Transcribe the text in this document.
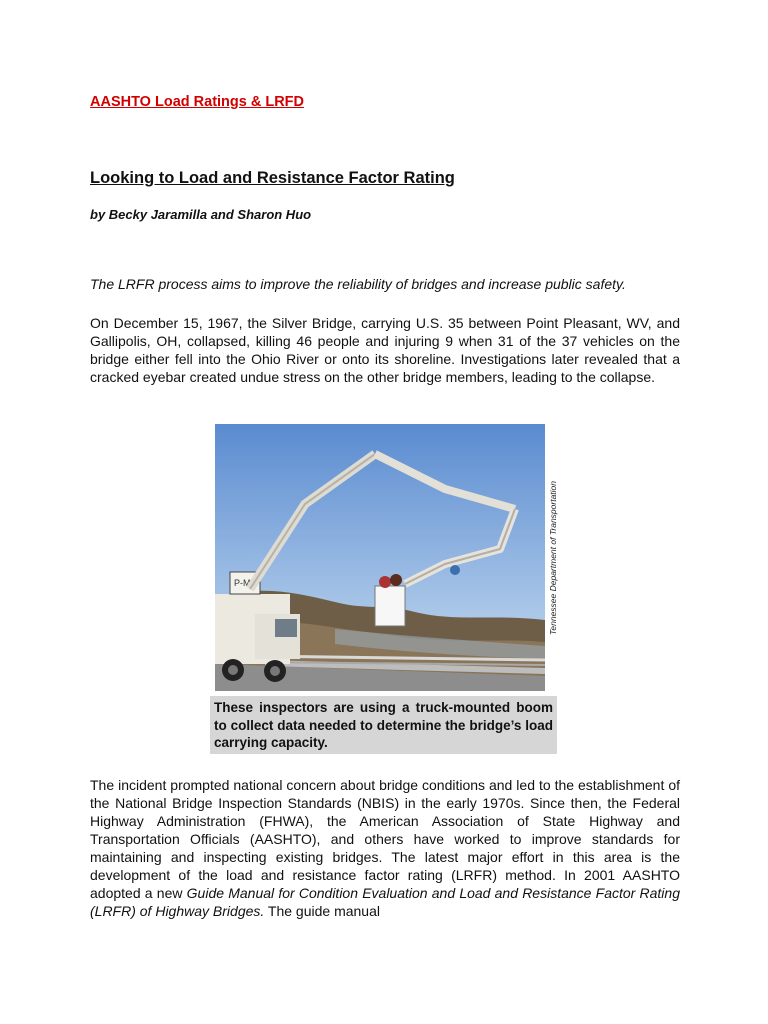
AASHTO Load Ratings & LRFD

Looking to Load and Resistance Factor Rating

by Becky Jaramilla and Sharon Huo

The LRFR process aims to improve the reliability of bridges and increase public safety.

On December 15, 1967, the Silver Bridge, carrying U.S. 35 between Point Pleasant, WV, and Gallipolis, OH, collapsed, killing 46 people and injuring 9 when 31 of the 37 vehicles on the bridge either fell into the Ohio River or onto its shoreline. Investigations later revealed that a cracked eyebar created undue stress on the other bridge members, leading to the collapse.

P-M	Tennessee Department of Transportation

These inspectors are using a truck-mounted boom to collect data needed to determine the bridge’s load carrying capacity.

The incident prompted national concern about bridge conditions and led to the establishment of the National Bridge Inspection Standards (NBIS) in the early 1970s. Since then, the Federal Highway Administration (FHWA), the American Association of State Highway and Transportation Officials (AASHTO), and others have worked to improve standards for maintaining and inspecting existing bridges. The latest major effort in this area is the development of the load and resistance factor rating (LRFR) method. In 2001 AASHTO adopted a new Guide Manual for Condition Evaluation and Load and Resistance Factor Rating (LRFR) of Highway Bridges. The guide manual
